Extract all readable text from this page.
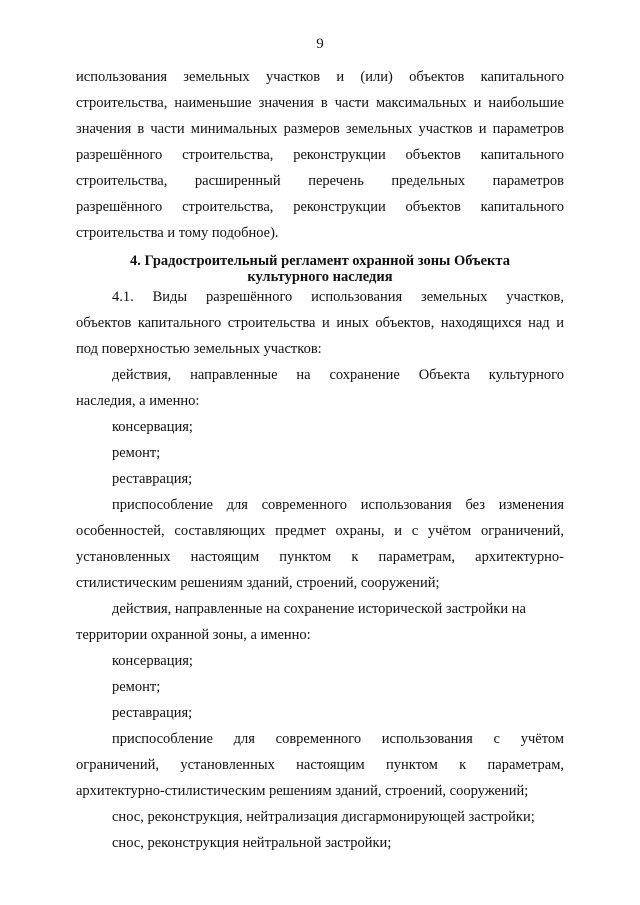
9
использования земельных участков и (или) объектов капитального
строительства, наименьшие значения в части максимальных и наибольшие
значения в части минимальных размеров земельных участков и параметров
разрешённого строительства, реконструкции объектов капитального
строительства, расширенный перечень предельных параметров
разрешённого строительства, реконструкции объектов капитального
строительства и тому подобное).
4. Градостроительный регламент охранной зоны Объекта
культурного наследия
4.1. Виды разрешённого использования земельных участков,
объектов капитального строительства и иных объектов, находящихся над и
под поверхностью земельных участков:
действия, направленные на сохранение Объекта культурного
наследия, а именно:
консервация;
ремонт;
реставрация;
приспособление для современного использования без изменения
особенностей, составляющих предмет охраны, и с учётом ограничений,
установленных настоящим пунктом к параметрам, архитектурно-
стилистическим решениям зданий, строений, сооружений;
действия, направленные на сохранение исторической застройки на
территории охранной зоны, а именно:
консервация;
ремонт;
реставрация;
приспособление для современного использования с учётом
ограничений, установленных настоящим пунктом к параметрам,
архитектурно-стилистическим решениям зданий, строений, сооружений;
снос, реконструкция, нейтрализация дисгармонирующей застройки;
снос, реконструкция нейтральной застройки;
